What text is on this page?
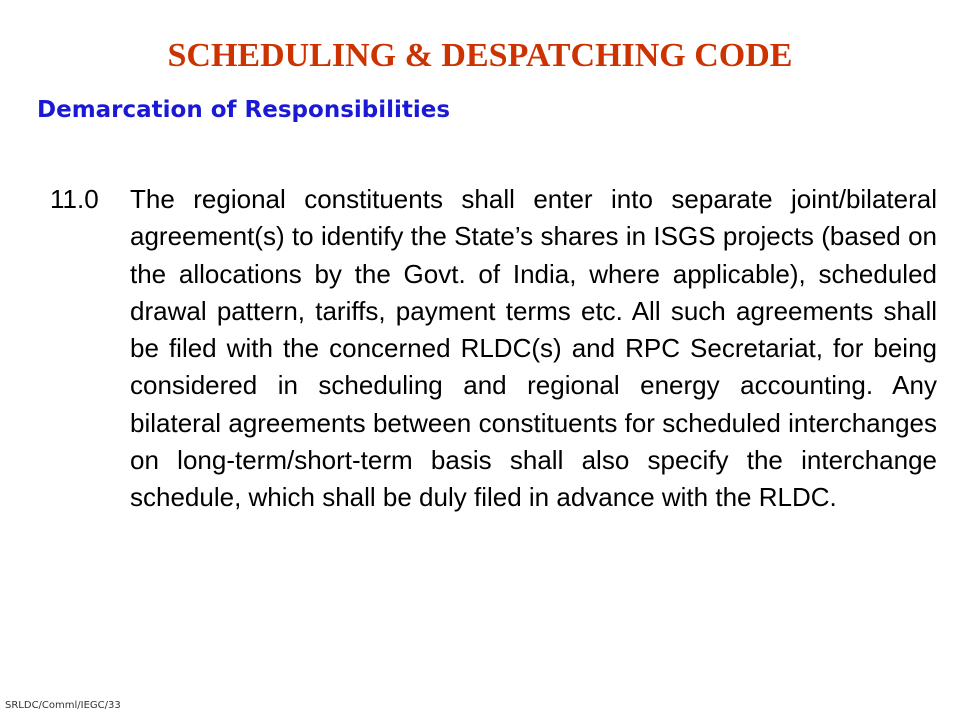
SCHEDULING & DESPATCHING CODE
Demarcation of Responsibilities
11.0	The regional constituents shall enter into separate joint/bilateral agreement(s) to identify the State’s shares in ISGS projects (based on the allocations by the Govt. of India, where applicable), scheduled drawal pattern, tariffs, payment terms etc. All such agreements shall be filed with the concerned RLDC(s) and RPC Secretariat, for being considered in scheduling and regional energy accounting. Any bilateral agreements between constituents for scheduled interchanges on long-term/short-term basis shall also specify the interchange schedule, which shall be duly filed in advance with the RLDC.

SRLDC/Comml/IEGC/33
